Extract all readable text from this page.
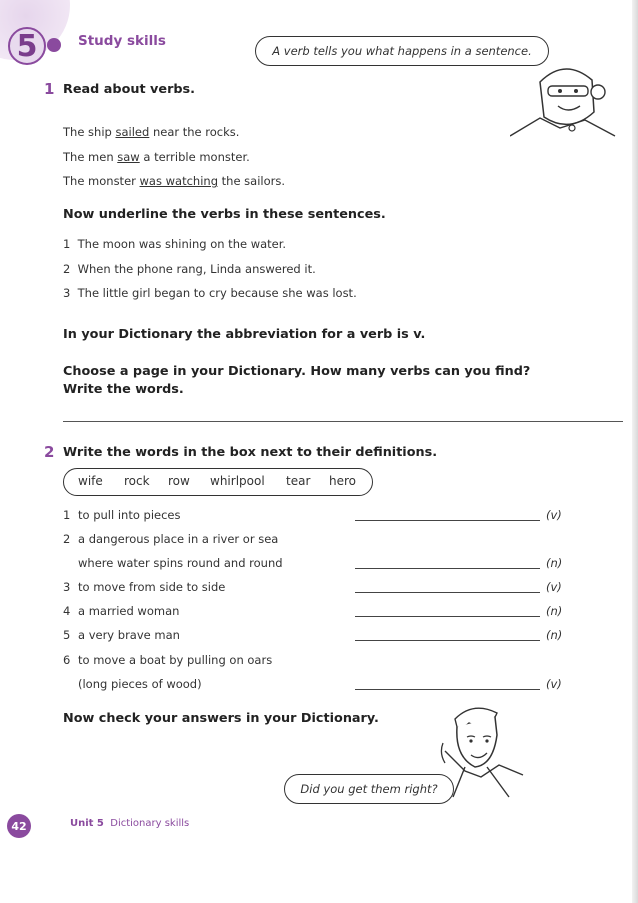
5	Study skills
A verb tells you what happens in a sentence.
1 Read about verbs.
The ship sailed near the rocks.
The men saw a terrible monster.
The monster was watching the sailors.
Now underline the verbs in these sentences.
1 The moon was shining on the water.
2 When the phone rang, Linda answered it.
3 The little girl began to cry because she was lost.
In your Dictionary the abbreviation for a verb is v.
Choose a page in your Dictionary. How many verbs can you find?
Write the words.
2 Write the words in the box next to their definitions.
wife rock row whirlpool tear hero
1 to pull into pieces	(v)
2 a dangerous place in a river or sea
where water spins round and round	(n)
3 to move from side to side	(v)
4 a married woman	(n)
5 a very brave man	(n)
6 to move a boat by pulling on oars
(long pieces of wood)	(v)
Now check your answers in your Dictionary.
Did you get them right?
42	Unit 5 Dictionary skills
